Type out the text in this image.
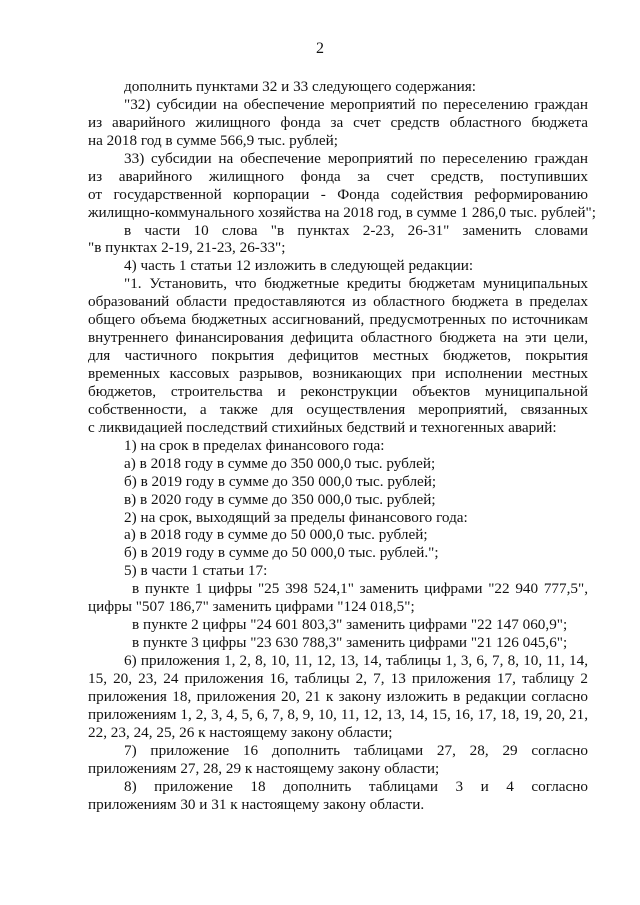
2
дополнить пунктами 32 и 33 следующего содержания:
"32) субсидии на обеспечение мероприятий по переселению граждан
из аварийного жилищного фонда за счет средств областного бюджета
на 2018 год в сумме 566,9 тыс. рублей;
33) субсидии на обеспечение мероприятий по переселению граждан
из аварийного жилищного фонда за счет средств, поступивших
от государственной корпорации - Фонда содействия реформированию
жилищно-коммунального хозяйства на 2018 год, в сумме 1 286,0 тыс. рублей";
в части 10 слова "в пунктах 2-23, 26-31" заменить словами
"в пунктах 2-19, 21-23, 26-33";
4) часть 1 статьи 12 изложить в следующей редакции:
"1. Установить, что бюджетные кредиты бюджетам муниципальных
образований области предоставляются из областного бюджета в пределах
общего объема бюджетных ассигнований, предусмотренных по источникам
внутреннего финансирования дефицита областного бюджета на эти цели,
для частичного покрытия дефицитов местных бюджетов, покрытия
временных кассовых разрывов, возникающих при исполнении местных
бюджетов, строительства и реконструкции объектов муниципальной
собственности, а также для осуществления мероприятий, связанных
с ликвидацией последствий стихийных бедствий и техногенных аварий:
1) на срок в пределах финансового года:
а) в 2018 году в сумме до 350 000,0 тыс. рублей;
б) в 2019 году в сумме до 350 000,0 тыс. рублей;
в) в 2020 году в сумме до 350 000,0 тыс. рублей;
2) на срок, выходящий за пределы финансового года:
а) в 2018 году в сумме до 50 000,0 тыс. рублей;
б) в 2019 году в сумме до 50 000,0 тыс. рублей.";
5) в части 1 статьи 17:
в пункте 1 цифры "25 398 524,1" заменить цифрами "22 940 777,5",
цифры "507 186,7" заменить цифрами "124 018,5";
в пункте 2 цифры "24 601 803,3" заменить цифрами "22 147 060,9";
в пункте 3 цифры "23 630 788,3" заменить цифрами "21 126 045,6";
6) приложения 1, 2, 8, 10, 11, 12, 13, 14, таблицы 1, 3, 6, 7, 8, 10, 11, 14,
15, 20, 23, 24 приложения 16, таблицы 2, 7, 13 приложения 17, таблицу 2
приложения 18, приложения 20, 21 к закону изложить в редакции согласно
приложениям 1, 2, 3, 4, 5, 6, 7, 8, 9, 10, 11, 12, 13, 14, 15, 16, 17, 18, 19, 20, 21,
22, 23, 24, 25, 26 к настоящему закону области;
7) приложение 16 дополнить таблицами 27, 28, 29 согласно
приложениям 27, 28, 29 к настоящему закону области;
8) приложение 18 дополнить таблицами 3 и 4 согласно
приложениям 30 и 31 к настоящему закону области.
